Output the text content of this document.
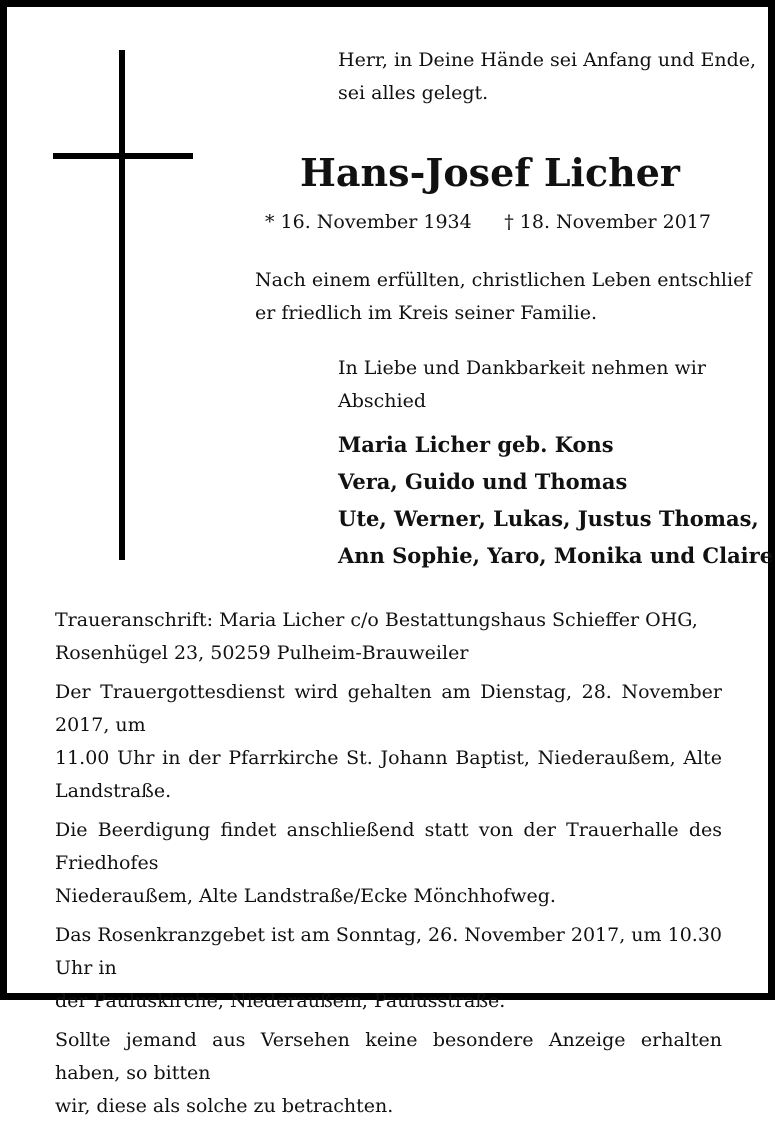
Herr, in Deine Hände sei Anfang und Ende,
sei alles gelegt.
Hans-Josef Licher
* 16. November 1934 † 18. November 2017
Nach einem erfüllten, christlichen Leben entschlief
er friedlich im Kreis seiner Familie.
In Liebe und Dankbarkeit nehmen wir
Abschied
Maria Licher geb. Kons
Vera, Guido und Thomas
Ute, Werner, Lukas, Justus Thomas,
Ann Sophie, Yaro, Monika und Claire

Traueranschrift: Maria Licher c/o Bestattungshaus Schieffer OHG,
Rosenhügel 23, 50259 Pulheim-Brauweiler

Der Trauergottesdienst wird gehalten am Dienstag, 28. November 2017, um
11.00 Uhr in der Pfarrkirche St. Johann Baptist, Niederaußem, Alte Landstraße.

Die Beerdigung findet anschließend statt von der Trauerhalle des Friedhofes
Niederaußem, Alte Landstraße/Ecke Mönchhofweg.

Das Rosenkranzgebet ist am Sonntag, 26. November 2017, um 10.30 Uhr in
der Pauluskirche, Niederaußem, Paulusstraße.

Sollte jemand aus Versehen keine besondere Anzeige erhalten haben, so bitten
wir, diese als solche zu betrachten.
